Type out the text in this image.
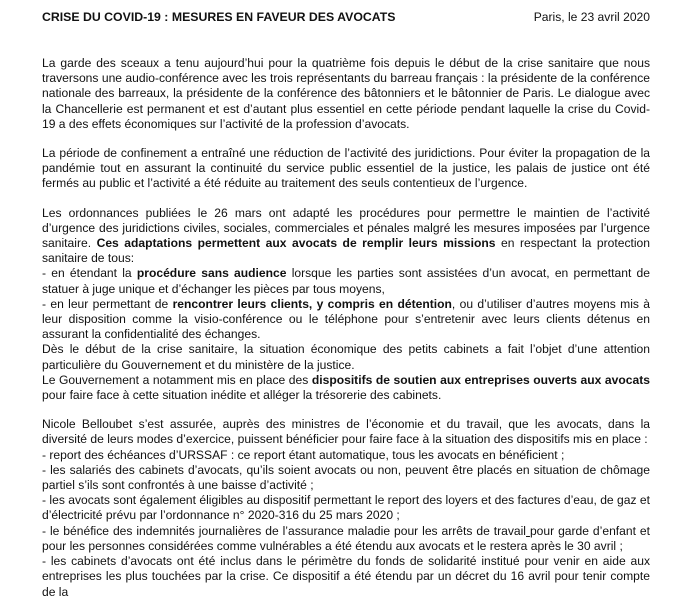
CRISE DU COVID-19 : MESURES EN FAVEUR DES AVOCATS	Paris, le 23 avril 2020

La garde des sceaux a tenu aujourd’hui pour la quatrième fois depuis le début de la crise sanitaire que nous traversons une audio-conférence avec les trois représentants du barreau français : la présidente de la conférence nationale des barreaux, la présidente de la conférence des bâtonniers et le bâtonnier de Paris. Le dialogue avec la Chancellerie est permanent et est d’autant plus essentiel en cette période pendant laquelle la crise du Covid-19 a des effets économiques sur l’activité de la profession d’avocats.

La période de confinement a entraîné une réduction de l’activité des juridictions. Pour éviter la propagation de la pandémie tout en assurant la continuité du service public essentiel de la justice, les palais de justice ont été fermés au public et l’activité a été réduite au traitement des seuls contentieux de l’urgence.

Les ordonnances publiées le 26 mars ont adapté les procédures pour permettre le maintien de l’activité d’urgence des juridictions civiles, sociales, commerciales et pénales malgré les mesures imposées par l’urgence sanitaire. Ces adaptations permettent aux avocats de remplir leurs missions en respectant la protection sanitaire de tous:

- en étendant la procédure sans audience lorsque les parties sont assistées d’un avocat, en permettant de statuer à juge unique et d’échanger les pièces par tous moyens,

- en leur permettant de rencontrer leurs clients, y compris en détention, ou d’utiliser d’autres moyens mis à leur disposition comme la visio-conférence ou le téléphone pour s’entretenir avec leurs clients détenus en assurant la confidentialité des échanges.

Dès le début de la crise sanitaire, la situation économique des petits cabinets a fait l’objet d’une attention particulière du Gouvernement et du ministère de la justice.

Le Gouvernement a notamment mis en place des dispositifs de soutien aux entreprises ouverts aux avocats pour faire face à cette situation inédite et alléger la trésorerie des cabinets.

Nicole Belloubet s’est assurée, auprès des ministres de l’économie et du travail, que les avocats, dans la diversité de leurs modes d’exercice, puissent bénéficier pour faire face à la situation des dispositifs mis en place :

- report des échéances d’URSSAF : ce report étant automatique, tous les avocats en bénéficient ;

- les salariés des cabinets d’avocats, qu’ils soient avocats ou non, peuvent être placés en situation de chômage partiel s’ils sont confrontés à une baisse d’activité ;

- les avocats sont également éligibles au dispositif permettant le report des loyers et des factures d’eau, de gaz et d’électricité prévu par l’ordonnance n° 2020-316 du 25 mars 2020 ;

- le bénéfice des indemnités journalières de l’assurance maladie pour les arrêts de travail pour garde d’enfant et pour les personnes considérées comme vulnérables a été étendu aux avocats et le restera après le 30 avril ;

- les cabinets d’avocats ont été inclus dans le périmètre du fonds de solidarité institué pour venir en aide aux entreprises les plus touchées par la crise. Ce dispositif a été étendu par un décret du 16 avril pour tenir compte de la
